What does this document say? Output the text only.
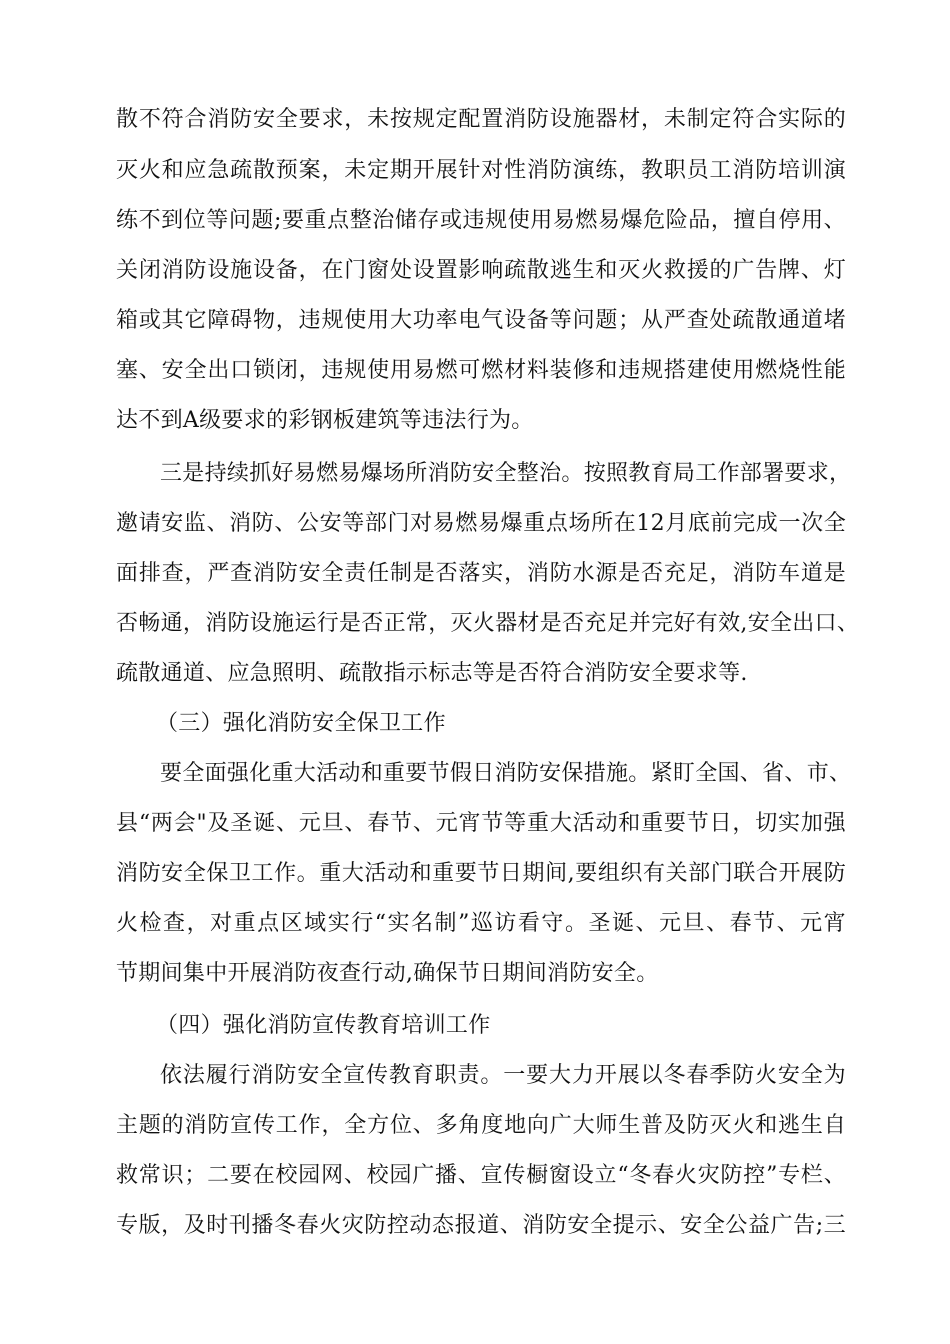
散不符合消防安全要求，未按规定配置消防设施器材，未制定符合实际的
灭火和应急疏散预案，未定期开展针对性消防演练，教职员工消防培训演
练不到位等问题;要重点整治储存或违规使用易燃易爆危险品，擅自停用、
关闭消防设施设备，在门窗处设置影响疏散逃生和灭火救援的广告牌、灯
箱或其它障碍物，违规使用大功率电气设备等问题；从严查处疏散通道堵
塞、安全出口锁闭，违规使用易燃可燃材料装修和违规搭建使用燃烧性能
达不到A级要求的彩钢板建筑等违法行为。
三是持续抓好易燃易爆场所消防安全整治。按照教育局工作部署要求，
邀请安监、消防、公安等部门对易燃易爆重点场所在12月底前完成一次全
面排查，严查消防安全责任制是否落实，消防水源是否充足，消防车道是
否畅通，消防设施运行是否正常，灭火器材是否充足并完好有效,安全出口、
疏散通道、应急照明、疏散指示标志等是否符合消防安全要求等.
（三）强化消防安全保卫工作
要全面强化重大活动和重要节假日消防安保措施。紧盯全国、省、市、
县“两会"及圣诞、元旦、春节、元宵节等重大活动和重要节日，切实加强
消防安全保卫工作。重大活动和重要节日期间,要组织有关部门联合开展防
火检查，对重点区域实行“实名制”巡访看守。圣诞、元旦、春节、元宵
节期间集中开展消防夜查行动,确保节日期间消防安全。
（四）强化消防宣传教育培训工作
依法履行消防安全宣传教育职责。一要大力开展以冬春季防火安全为
主题的消防宣传工作，全方位、多角度地向广大师生普及防灭火和逃生自
救常识；二要在校园网、校园广播、宣传橱窗设立“冬春火灾防控”专栏、
专版，及时刊播冬春火灾防控动态报道、消防安全提示、安全公益广告;三
